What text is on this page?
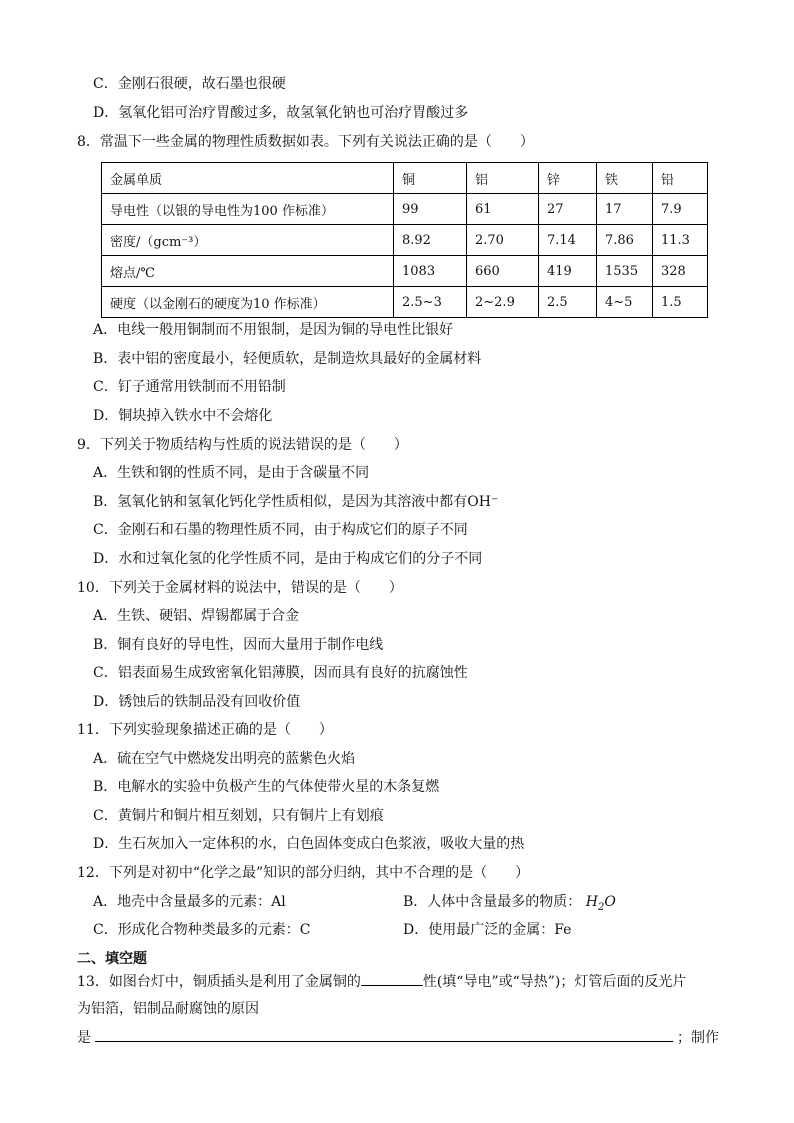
C．金刚石很硬，故石墨也很硬
D．氢氧化铝可治疗胃酸过多，故氢氧化钠也可治疗胃酸过多
8．常温下一些金属的物理性质数据如表。下列有关说法正确的是（　　）
金属单质	铜	铝	锌	铁	铅
导电性（以银的导电性为100 作标准）	99	61	27	17	7.9
密度/（gcm⁻³）	8.92	2.70	7.14	7.86	11.3
熔点/℃	1083	660	419	1535	328
硬度（以金刚石的硬度为10 作标准）	2.5~3	2~2.9	2.5	4~5	1.5
A．电线一般用铜制而不用银制，是因为铜的导电性比银好
B．表中铝的密度最小，轻便质软，是制造炊具最好的金属材料
C．钉子通常用铁制而不用铅制
D．铜块掉入铁水中不会熔化
9．下列关于物质结构与性质的说法错误的是（　　）
A．生铁和钢的性质不同，是由于含碳量不同
B．氢氧化钠和氢氧化钙化学性质相似，是因为其溶液中都有OH⁻
C．金刚石和石墨的物理性质不同，由于构成它们的原子不同
D．水和过氧化氢的化学性质不同，是由于构成它们的分子不同
10．下列关于金属材料的说法中，错误的是（　　）
A．生铁、硬铝、焊锡都属于合金
B．铜有良好的导电性，因而大量用于制作电线
C．铝表面易生成致密氧化铝薄膜，因而具有良好的抗腐蚀性
D．锈蚀后的铁制品没有回收价值
11．下列实验现象描述正确的是（　　）
A．硫在空气中燃烧发出明亮的蓝紫色火焰
B．电解水的实验中负极产生的气体使带火星的木条复燃
C．黄铜片和铜片相互刻划，只有铜片上有划痕
D．生石灰加入一定体积的水，白色固体变成白色浆液，吸收大量的热
12．下列是对初中“化学之最”知识的部分归纳，其中不合理的是（　　）
A．地壳中含量最多的元素：Al	B．人体中含量最多的物质： $H_2O$
C．形成化合物种类最多的元素：C	D．使用最广泛的金属：Fe
二、填空题
13．如图台灯中，铜质插头是利用了金属铜的	性(填“导电”或“导热”)；灯管后面的反光片
为铝箔，铝制品耐腐蚀的原因
是	；制作
